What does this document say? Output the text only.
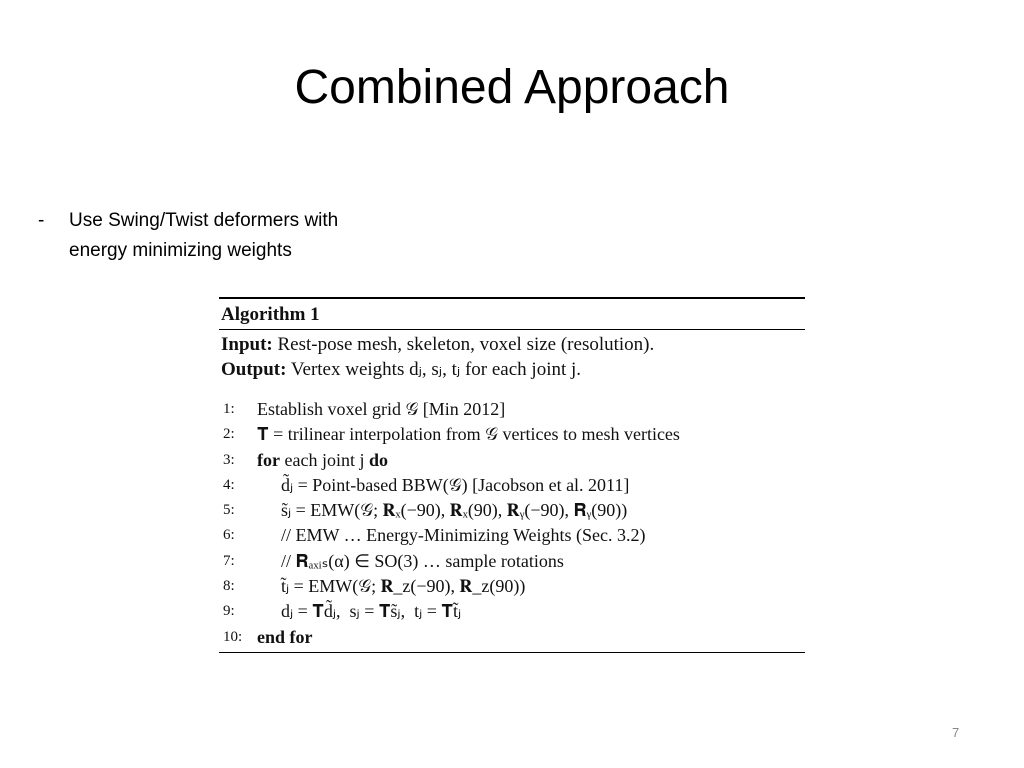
Combined Approach
-	Use Swing/Twist deformers with
energy minimizing weights
Algorithm 1
Input: Rest-pose mesh, skeleton, voxel size (resolution).
Output: Vertex weights dⱼ, sⱼ, tⱼ for each joint j.
1:	Establish voxel grid 𝒢 [Min 2012]
2:	𝐓 = trilinear interpolation from 𝒢 vertices to mesh vertices
3:	for each joint j do
4:	d̃ⱼ = Point-based BBW(𝒢) [Jacobson et al. 2011]
5:	s̃ⱼ = EMW(𝒢; 𝐑ₓ(−90), 𝐑ₓ(90), 𝐑ᵧ(−90), 𝐑ᵧ(90))
6:	// EMW … Energy-Minimizing Weights (Sec. 3.2)
7:	// 𝐑ₐₓᵢₛ(α) ∈ SO(3) … sample rotations
8:	t̃ⱼ = EMW(𝒢; 𝐑_z(−90), 𝐑_z(90))
9:	dⱼ = 𝐓d̃ⱼ,  sⱼ = 𝐓s̃ⱼ,  tⱼ = 𝐓t̃ⱼ
10: end for
7
